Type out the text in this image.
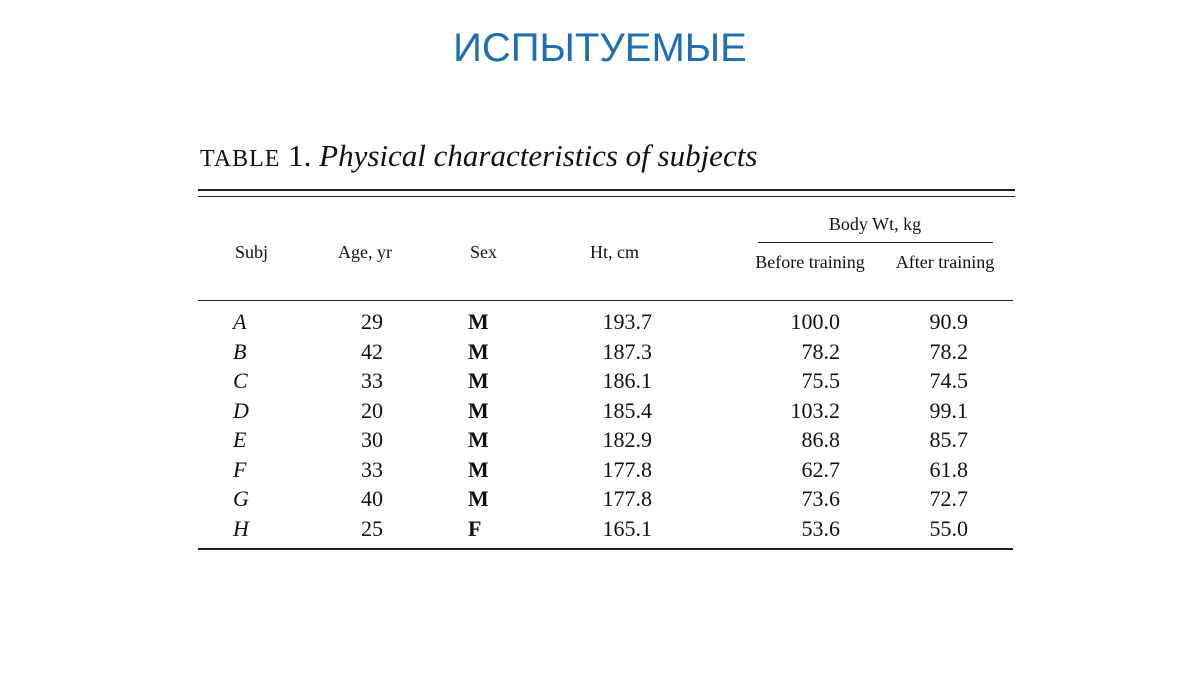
ИСПЫТУЕМЫЕ
TABLE 1. Physical characteristics of subjects
Subj	Age, yr	Sex	Ht, cm
Body Wt, kg
Before training	After training
A	29	M	193.7	100.0	90.9
B	42	M	187.3	78.2	78.2
C	33	M	186.1	75.5	74.5
D	20	M	185.4	103.2	99.1
E	30	M	182.9	86.8	85.7
F	33	M	177.8	62.7	61.8
G	40	M	177.8	73.6	72.7
H	25	F	165.1	53.6	55.0
